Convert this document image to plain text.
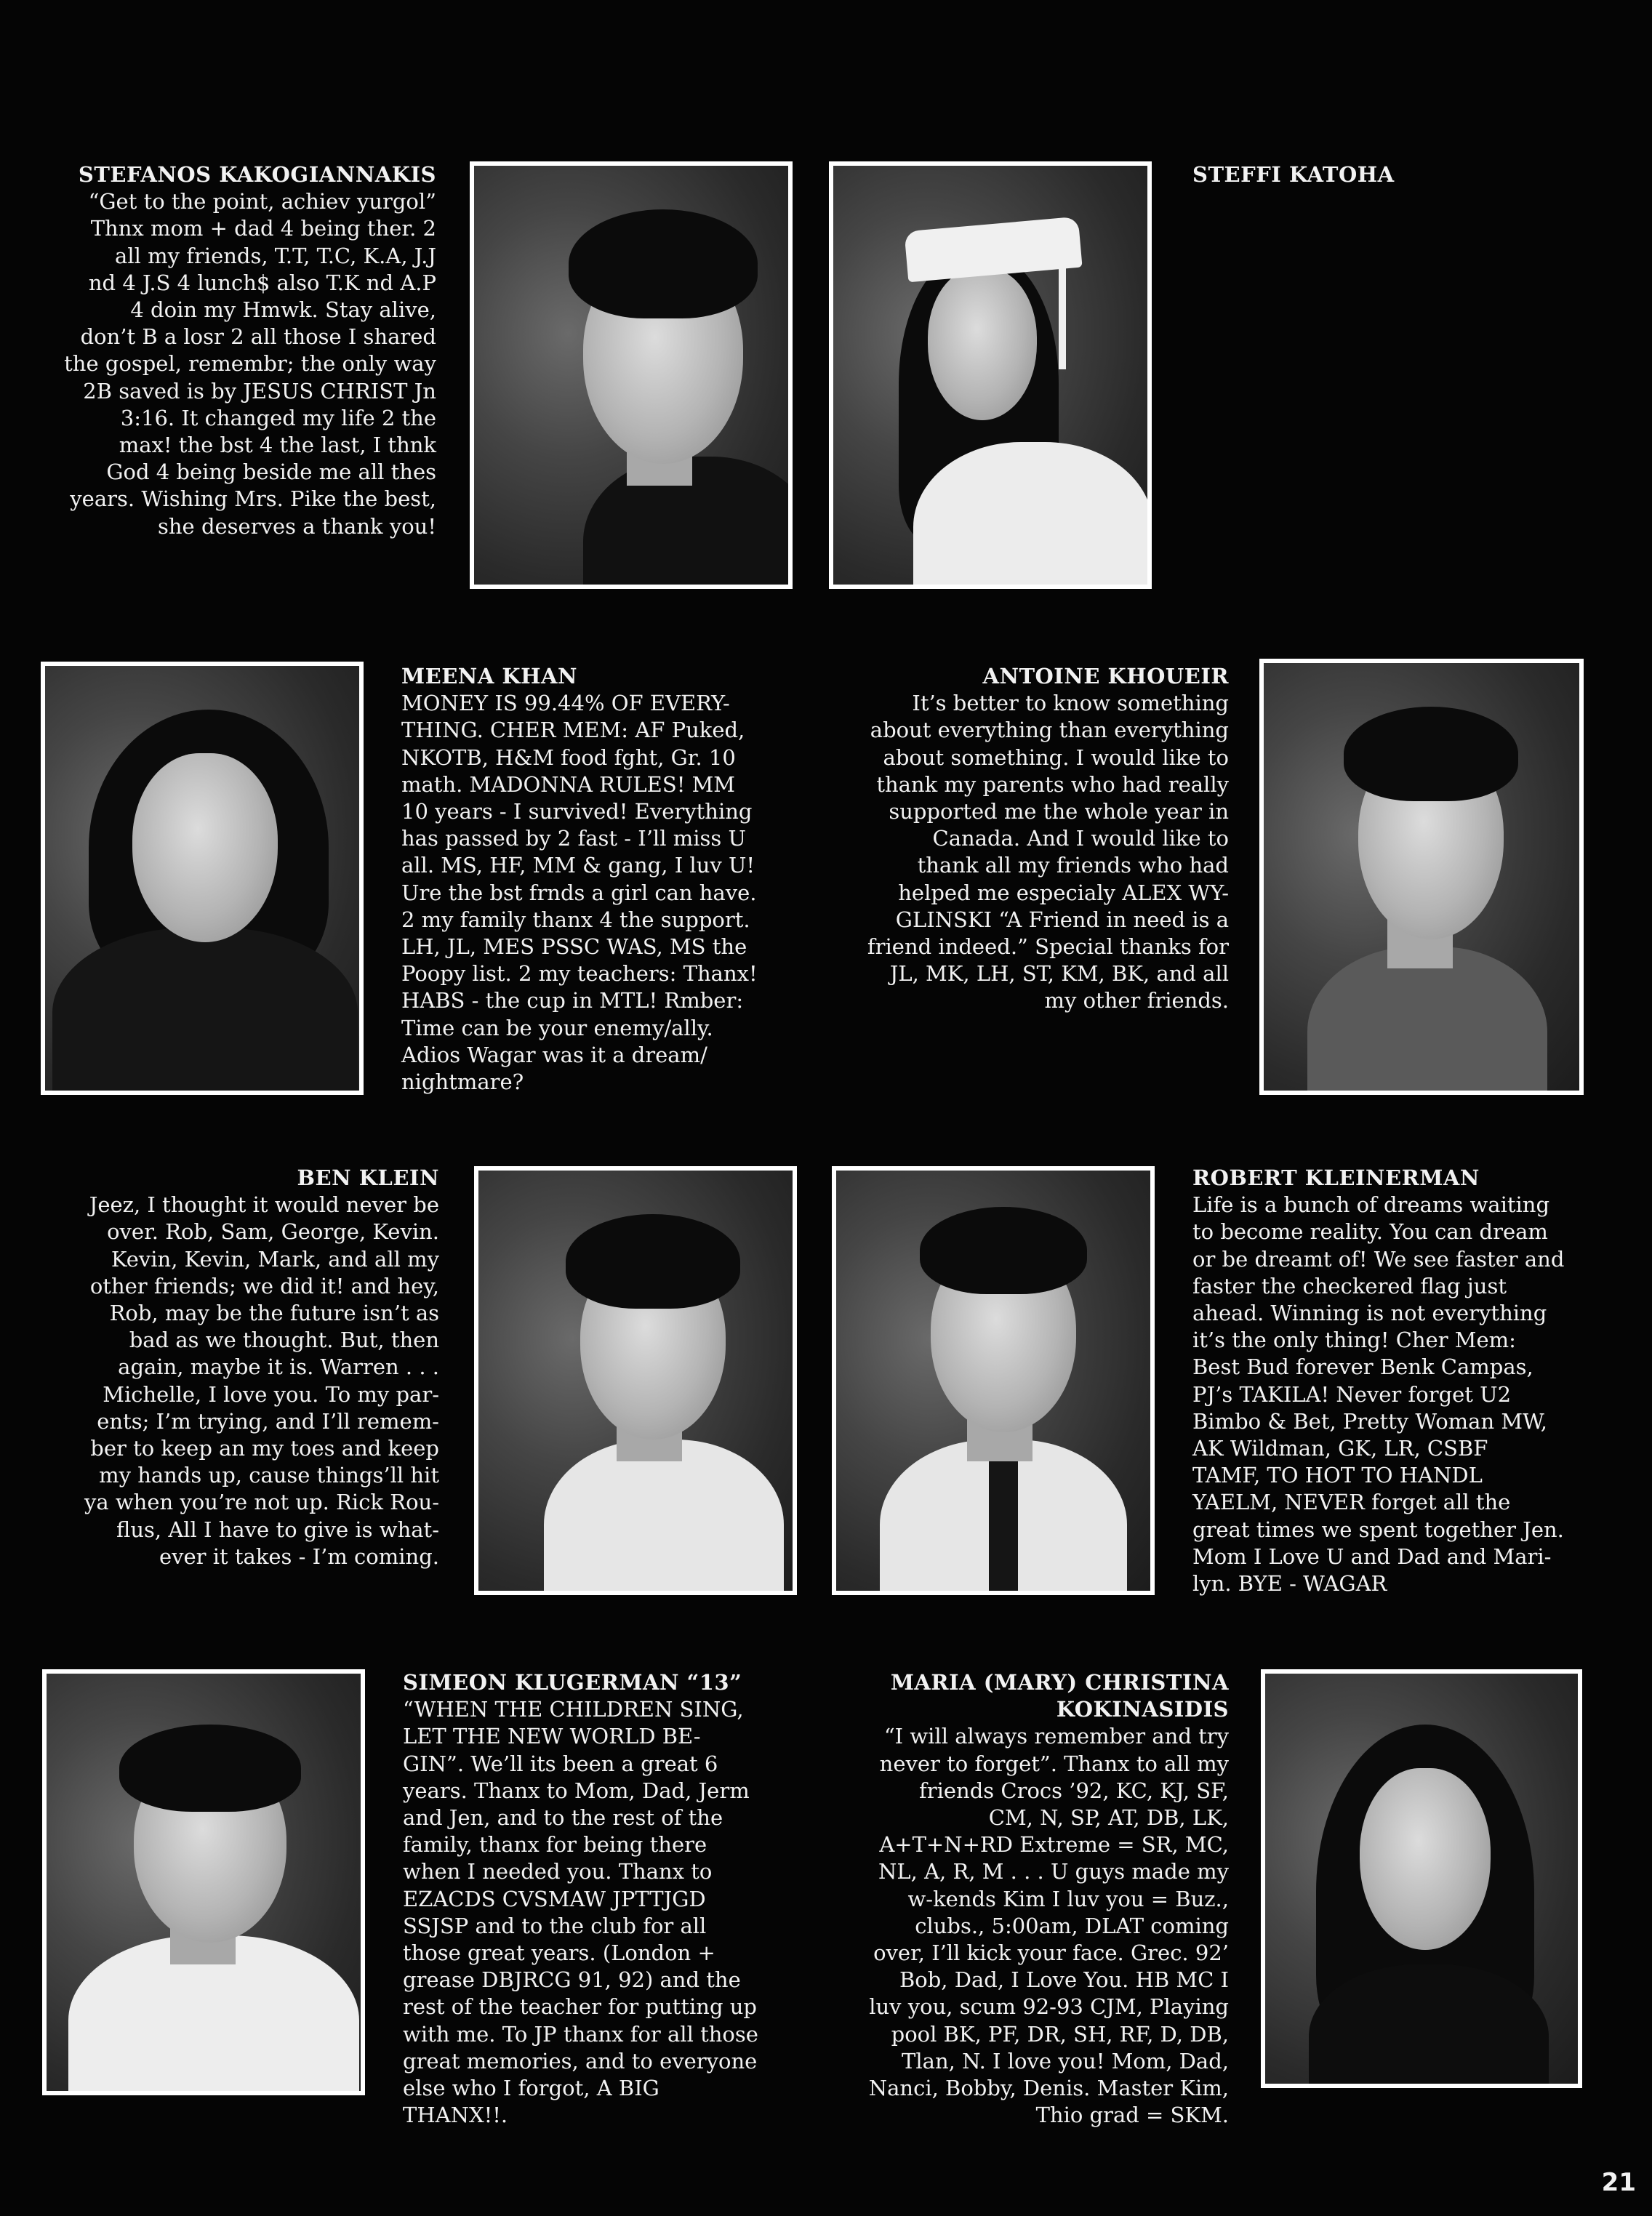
STEFANOS KAKOGIANNAKIS
“Get to the point, achiev yurgol”
Thnx mom + dad 4 being ther. 2
all my friends, T.T, T.C, K.A, J.J
nd 4 J.S 4 lunch$ also T.K nd A.P
4 doin my Hmwk. Stay alive,
don’t B a losr 2 all those I shared
the gospel, remembr; the only way
2B saved is by JESUS CHRIST Jn
3:16. It changed my life 2 the
max! the bst 4 the last, I thnk
God 4 being beside me all thes
years. Wishing Mrs. Pike the best,
she deserves a thank you!
STEFFI KATOHA
MEENA KHAN
MONEY IS 99.44% OF EVERY-
THING. CHER MEM: AF Puked,
NKOTB, H&M food fght, Gr. 10
math. MADONNA RULES! MM
10 years - I survived! Everything
has passed by 2 fast - I’ll miss U
all. MS, HF, MM & gang, I luv U!
Ure the bst frnds a girl can have.
2 my family thanx 4 the support.
LH, JL, MES PSSC WAS, MS the
Poopy list. 2 my teachers: Thanx!
HABS - the cup in MTL! Rmber:
Time can be your enemy/ally.
Adios Wagar was it a dream/
nightmare?
ANTOINE KHOUEIR
It’s better to know something
about everything than everything
about something. I would like to
thank my parents who had really
supported me the whole year in
Canada. And I would like to
thank all my friends who had
helped me especialy ALEX WY-
GLINSKI “A Friend in need is a
friend indeed.” Special thanks for
JL, MK, LH, ST, KM, BK, and all
my other friends.
BEN KLEIN
Jeez, I thought it would never be
over. Rob, Sam, George, Kevin.
Kevin, Kevin, Mark, and all my
other friends; we did it! and hey,
Rob, may be the future isn’t as
bad as we thought. But, then
again, maybe it is. Warren . . .
Michelle, I love you. To my par-
ents; I’m trying, and I’ll remem-
ber to keep an my toes and keep
my hands up, cause things’ll hit
ya when you’re not up. Rick Rou-
flus, All I have to give is what-
ever it takes - I’m coming.
ROBERT KLEINERMAN
Life is a bunch of dreams waiting
to become reality. You can dream
or be dreamt of! We see faster and
faster the checkered flag just
ahead. Winning is not everything
it’s the only thing! Cher Mem:
Best Bud forever Benk Campas,
PJ’s TAKILA! Never forget U2
Bimbo & Bet, Pretty Woman MW,
AK Wildman, GK, LR, CSBF
TAMF, TO HOT TO HANDL
YAELM, NEVER forget all the
great times we spent together Jen.
Mom I Love U and Dad and Mari-
lyn. BYE - WAGAR
SIMEON KLUGERMAN “13”
“WHEN THE CHILDREN SING,
LET THE NEW WORLD BE-
GIN”. We’ll its been a great 6
years. Thanx to Mom, Dad, Jerm
and Jen, and to the rest of the
family, thanx for being there
when I needed you. Thanx to
EZACDS CVSMAW JPTTJGD
SSJSP and to the club for all
those great years. (London +
grease DBJRCG 91, 92) and the
rest of the teacher for putting up
with me. To JP thanx for all those
great memories, and to everyone
else who I forgot, A BIG
THANX!!.
MARIA (MARY) CHRISTINA
KOKINASIDIS
“I will always remember and try
never to forget”. Thanx to all my
friends Crocs ’92, KC, KJ, SF,
CM, N, SP, AT, DB, LK,
A+T+N+RD Extreme = SR, MC,
NL, A, R, M . . . U guys made my
w-kends Kim I luv you = Buz.,
clubs., 5:00am, DLAT coming
over, I’ll kick your face. Grec. 92’
Bob, Dad, I Love You. HB MC I
luv you, scum 92-93 CJM, Playing
pool BK, PF, DR, SH, RF, D, DB,
Tlan, N. I love you! Mom, Dad,
Nanci, Bobby, Denis. Master Kim,
Thio grad = SKM.
21
